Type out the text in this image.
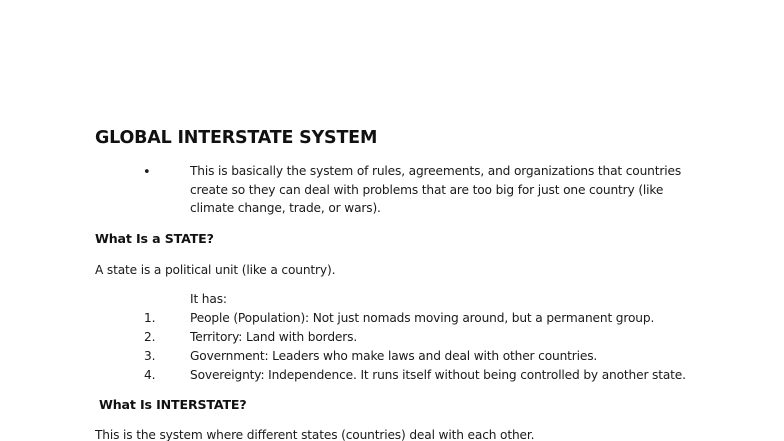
GLOBAL INTERSTATE SYSTEM
•	This is basically the system of rules, agreements, and organizations that countries
create so they can deal with problems that are too big for just one country (like
climate change, trade, or wars).
What Is a STATE?
A state is a political unit (like a country).
It has:
1.	People (Population): Not just nomads moving around, but a permanent group.
2.	Territory: Land with borders.
3.	Government: Leaders who make laws and deal with other countries.
4.	Sovereignty: Independence. It runs itself without being controlled by another state.
What Is INTERSTATE?
This is the system where different states (countries) deal with each other.
